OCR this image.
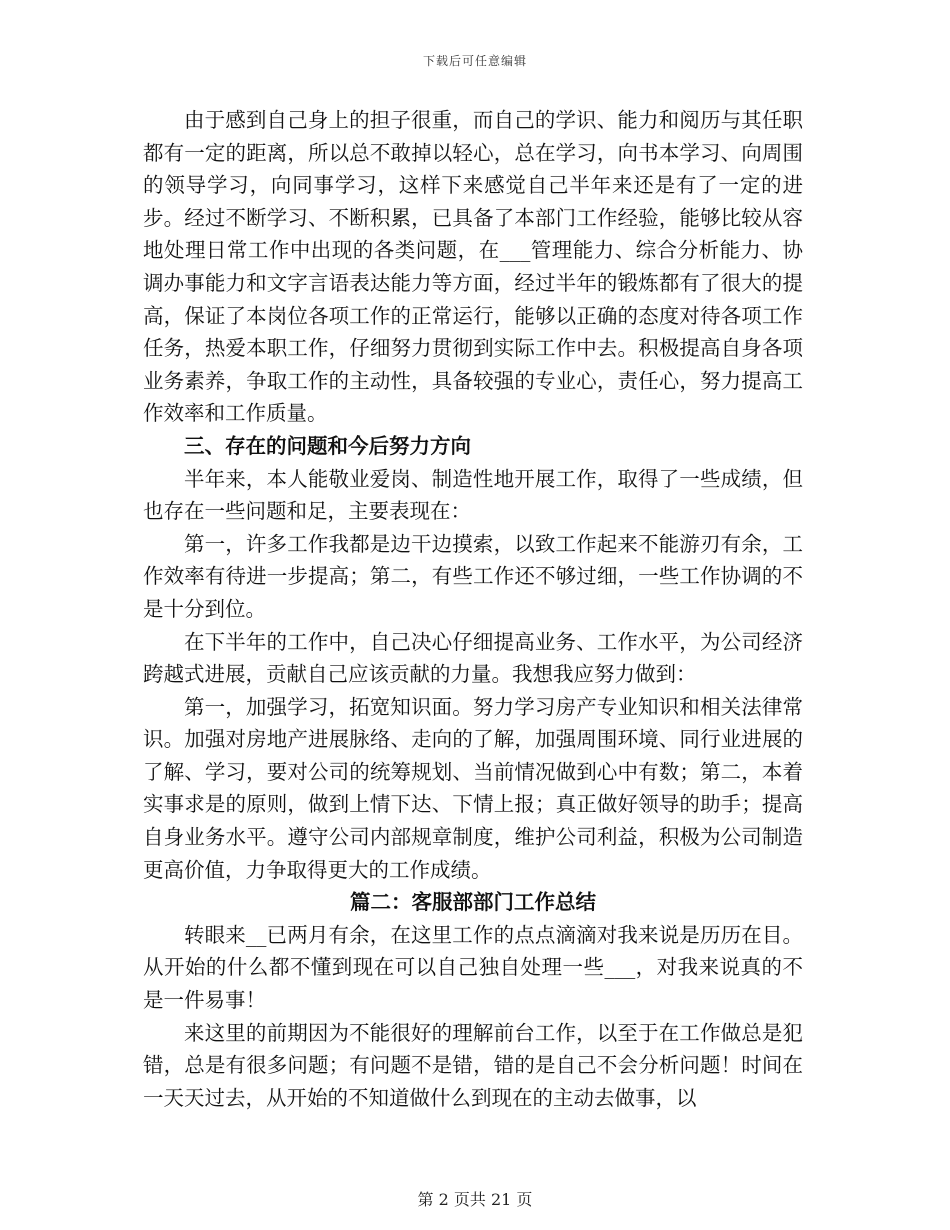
下载后可任意编辑

由于感到自己身上的担子很重，而自己的学识、能力和阅历与其任职都有一定的距离，所以总不敢掉以轻心，总在学习，向书本学习、向周围的领导学习，向同事学习，这样下来感觉自己半年来还是有了一定的进步。经过不断学习、不断积累，已具备了本部门工作经验，能够比较从容地处理日常工作中出现的各类问题，在___管理能力、综合分析能力、协调办事能力和文字言语表达能力等方面，经过半年的锻炼都有了很大的提高，保证了本岗位各项工作的正常运行，能够以正确的态度对待各项工作任务，热爱本职工作，仔细努力贯彻到实际工作中去。积极提高自身各项业务素养，争取工作的主动性，具备较强的专业心，责任心，努力提高工作效率和工作质量。

三、存在的问题和今后努力方向

半年来，本人能敬业爱岗、制造性地开展工作，取得了一些成绩，但也存在一些问题和足，主要表现在：

第一，许多工作我都是边干边摸索，以致工作起来不能游刃有余，工作效率有待进一步提高；第二，有些工作还不够过细，一些工作协调的不是十分到位。

在下半年的工作中，自己决心仔细提高业务、工作水平，为公司经济跨越式进展，贡献自己应该贡献的力量。我想我应努力做到：

第一，加强学习，拓宽知识面。努力学习房产专业知识和相关法律常识。加强对房地产进展脉络、走向的了解，加强周围环境、同行业进展的了解、学习，要对公司的统筹规划、当前情况做到心中有数；第二，本着实事求是的原则，做到上情下达、下情上报；真正做好领导的助手；提高自身业务水平。遵守公司内部规章制度，维护公司利益，积极为公司制造更高价值，力争取得更大的工作成绩。

篇二：客服部部门工作总结

转眼来__已两月有余，在这里工作的点点滴滴对我来说是历历在目。从开始的什么都不懂到现在可以自己独自处理一些___，对我来说真的不是一件易事！

来这里的前期因为不能很好的理解前台工作，以至于在工作做总是犯错，总是有很多问题；有问题不是错，错的是自己不会分析问题！时间在一天天过去，从开始的不知道做什么到现在的主动去做事，以

第 2 页共 21 页
